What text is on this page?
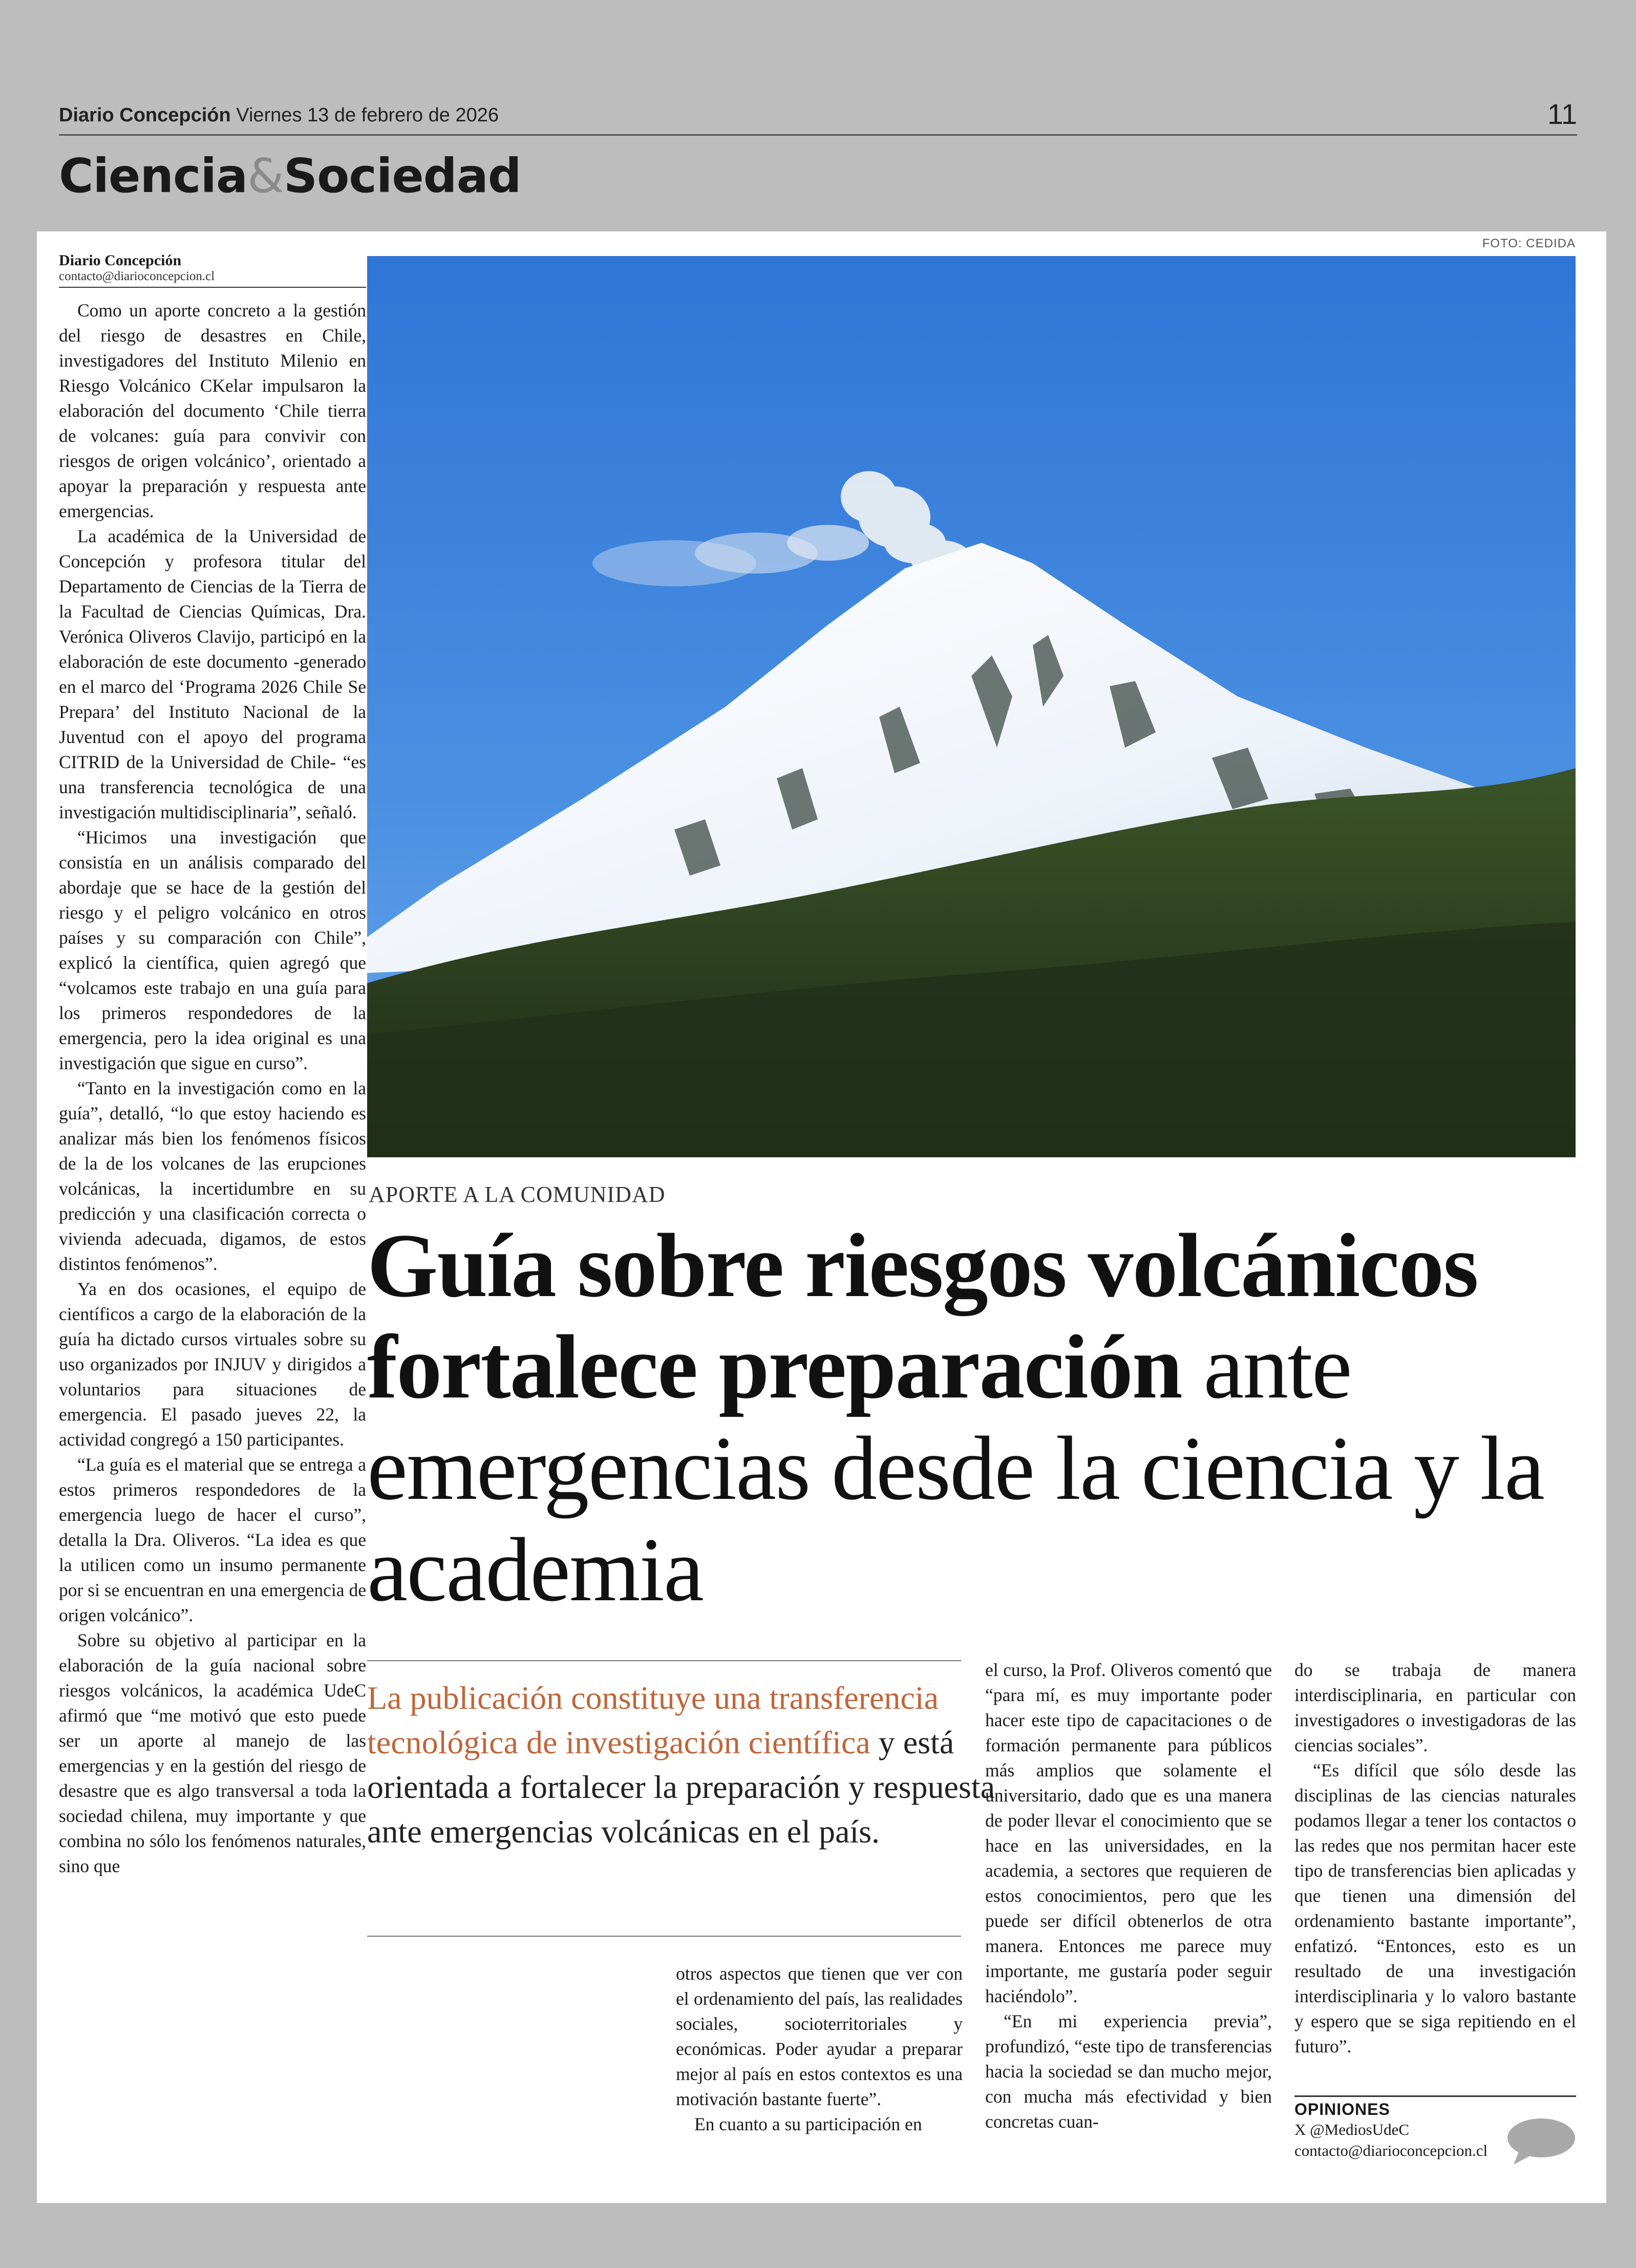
Diario Concepción Viernes 13 de febrero de 2026	11
Ciencia&Sociedad
Diario Concepción
contacto@diarioconcepcion.cl

Como un aporte concreto a la gestión del riesgo de desastres en Chile, investigadores del Instituto Milenio en Riesgo Volcánico CKelar impulsaron la elaboración del documento ‘Chile tierra de volcanes: guía para convivir con riesgos de origen volcánico’, orientado a apoyar la preparación y respuesta ante emergencias.

La académica de la Universidad de Concepción y profesora titular del Departamento de Ciencias de la Tierra de la Facultad de Ciencias Químicas, Dra. Verónica Oliveros Clavijo, participó en la elaboración de este documento -generado en el marco del ‘Programa 2026 Chile Se Prepara’ del Instituto Nacional de la Juventud con el apoyo del programa CITRID de la Universidad de Chile- “es una transferencia tecnológica de una investigación multidisciplinaria”, señaló.

“Hicimos una investigación que consistía en un análisis comparado del abordaje que se hace de la gestión del riesgo y el peligro volcánico en otros países y su comparación con Chile”, explicó la científica, quien agregó que “volcamos este trabajo en una guía para los primeros respondedores de la emergencia, pero la idea original es una investigación que sigue en curso”.

“Tanto en la investigación como en la guía”, detalló, “lo que estoy haciendo es analizar más bien los fenómenos físicos de la de los volcanes de las erupciones volcánicas, la incertidumbre en su predicción y una clasificación correcta o vivienda adecuada, digamos, de estos distintos fenómenos”.

Ya en dos ocasiones, el equipo de científicos a cargo de la elaboración de la guía ha dictado cursos virtuales sobre su uso organizados por INJUV y dirigidos a voluntarios para situaciones de emergencia. El pasado jueves 22, la actividad congregó a 150 participantes.

“La guía es el material que se entrega a estos primeros respondedores de la emergencia luego de hacer el curso”, detalla la Dra. Oliveros. “La idea es que la utilicen como un insumo permanente por si se encuentran en una emergencia de origen volcánico”.

Sobre su objetivo al participar en la elaboración de la guía nacional sobre riesgos volcánicos, la académica UdeC afirmó que “me motivó que esto puede ser un aporte al manejo de las emergencias y en la gestión del riesgo de desastre que es algo transversal a toda la sociedad chilena, muy importante y que combina no sólo los fenómenos naturales, sino que

FOTO: CEDIDA
APORTE A LA COMUNIDAD
Guía sobre riesgos volcánicos fortalece preparación ante emergencias desde la ciencia y la academia
La publicación constituye una transferencia tecnológica de investigación científica y está orientada a fortalecer la preparación y respuesta ante emergencias volcánicas en el país.

otros aspectos que tienen que ver con el ordenamiento del país, las realidades sociales, socioterritoriales y económicas. Poder ayudar a preparar mejor al país en estos contextos es una motivación bastante fuerte”.

En cuanto a su participación en

el curso, la Prof. Oliveros comentó que “para mí, es muy importante poder hacer este tipo de capacitaciones o de formación permanente para públicos más amplios que solamente el universitario, dado que es una manera de poder llevar el conocimiento que se hace en las universidades, en la academia, a sectores que requieren de estos conocimientos, pero que les puede ser difícil obtenerlos de otra manera. Entonces me parece muy importante, me gustaría poder seguir haciéndolo”.

“En mi experiencia previa”, profundizó, “este tipo de transferencias hacia la sociedad se dan mucho mejor, con mucha más efectividad y bien concretas cuan-

do se trabaja de manera interdisciplinaria, en particular con investigadores o investigadoras de las ciencias sociales”.

“Es difícil que sólo desde las disciplinas de las ciencias naturales podamos llegar a tener los contactos o las redes que nos permitan hacer este tipo de transferencias bien aplicadas y que tienen una dimensión del ordenamiento bastante importante”, enfatizó. “Entonces, esto es un resultado de una investigación interdisciplinaria y lo valoro bastante y espero que se siga repitiendo en el futuro”.

OPINIONES
X @MediosUdeC
contacto@diarioconcepcion.cl
